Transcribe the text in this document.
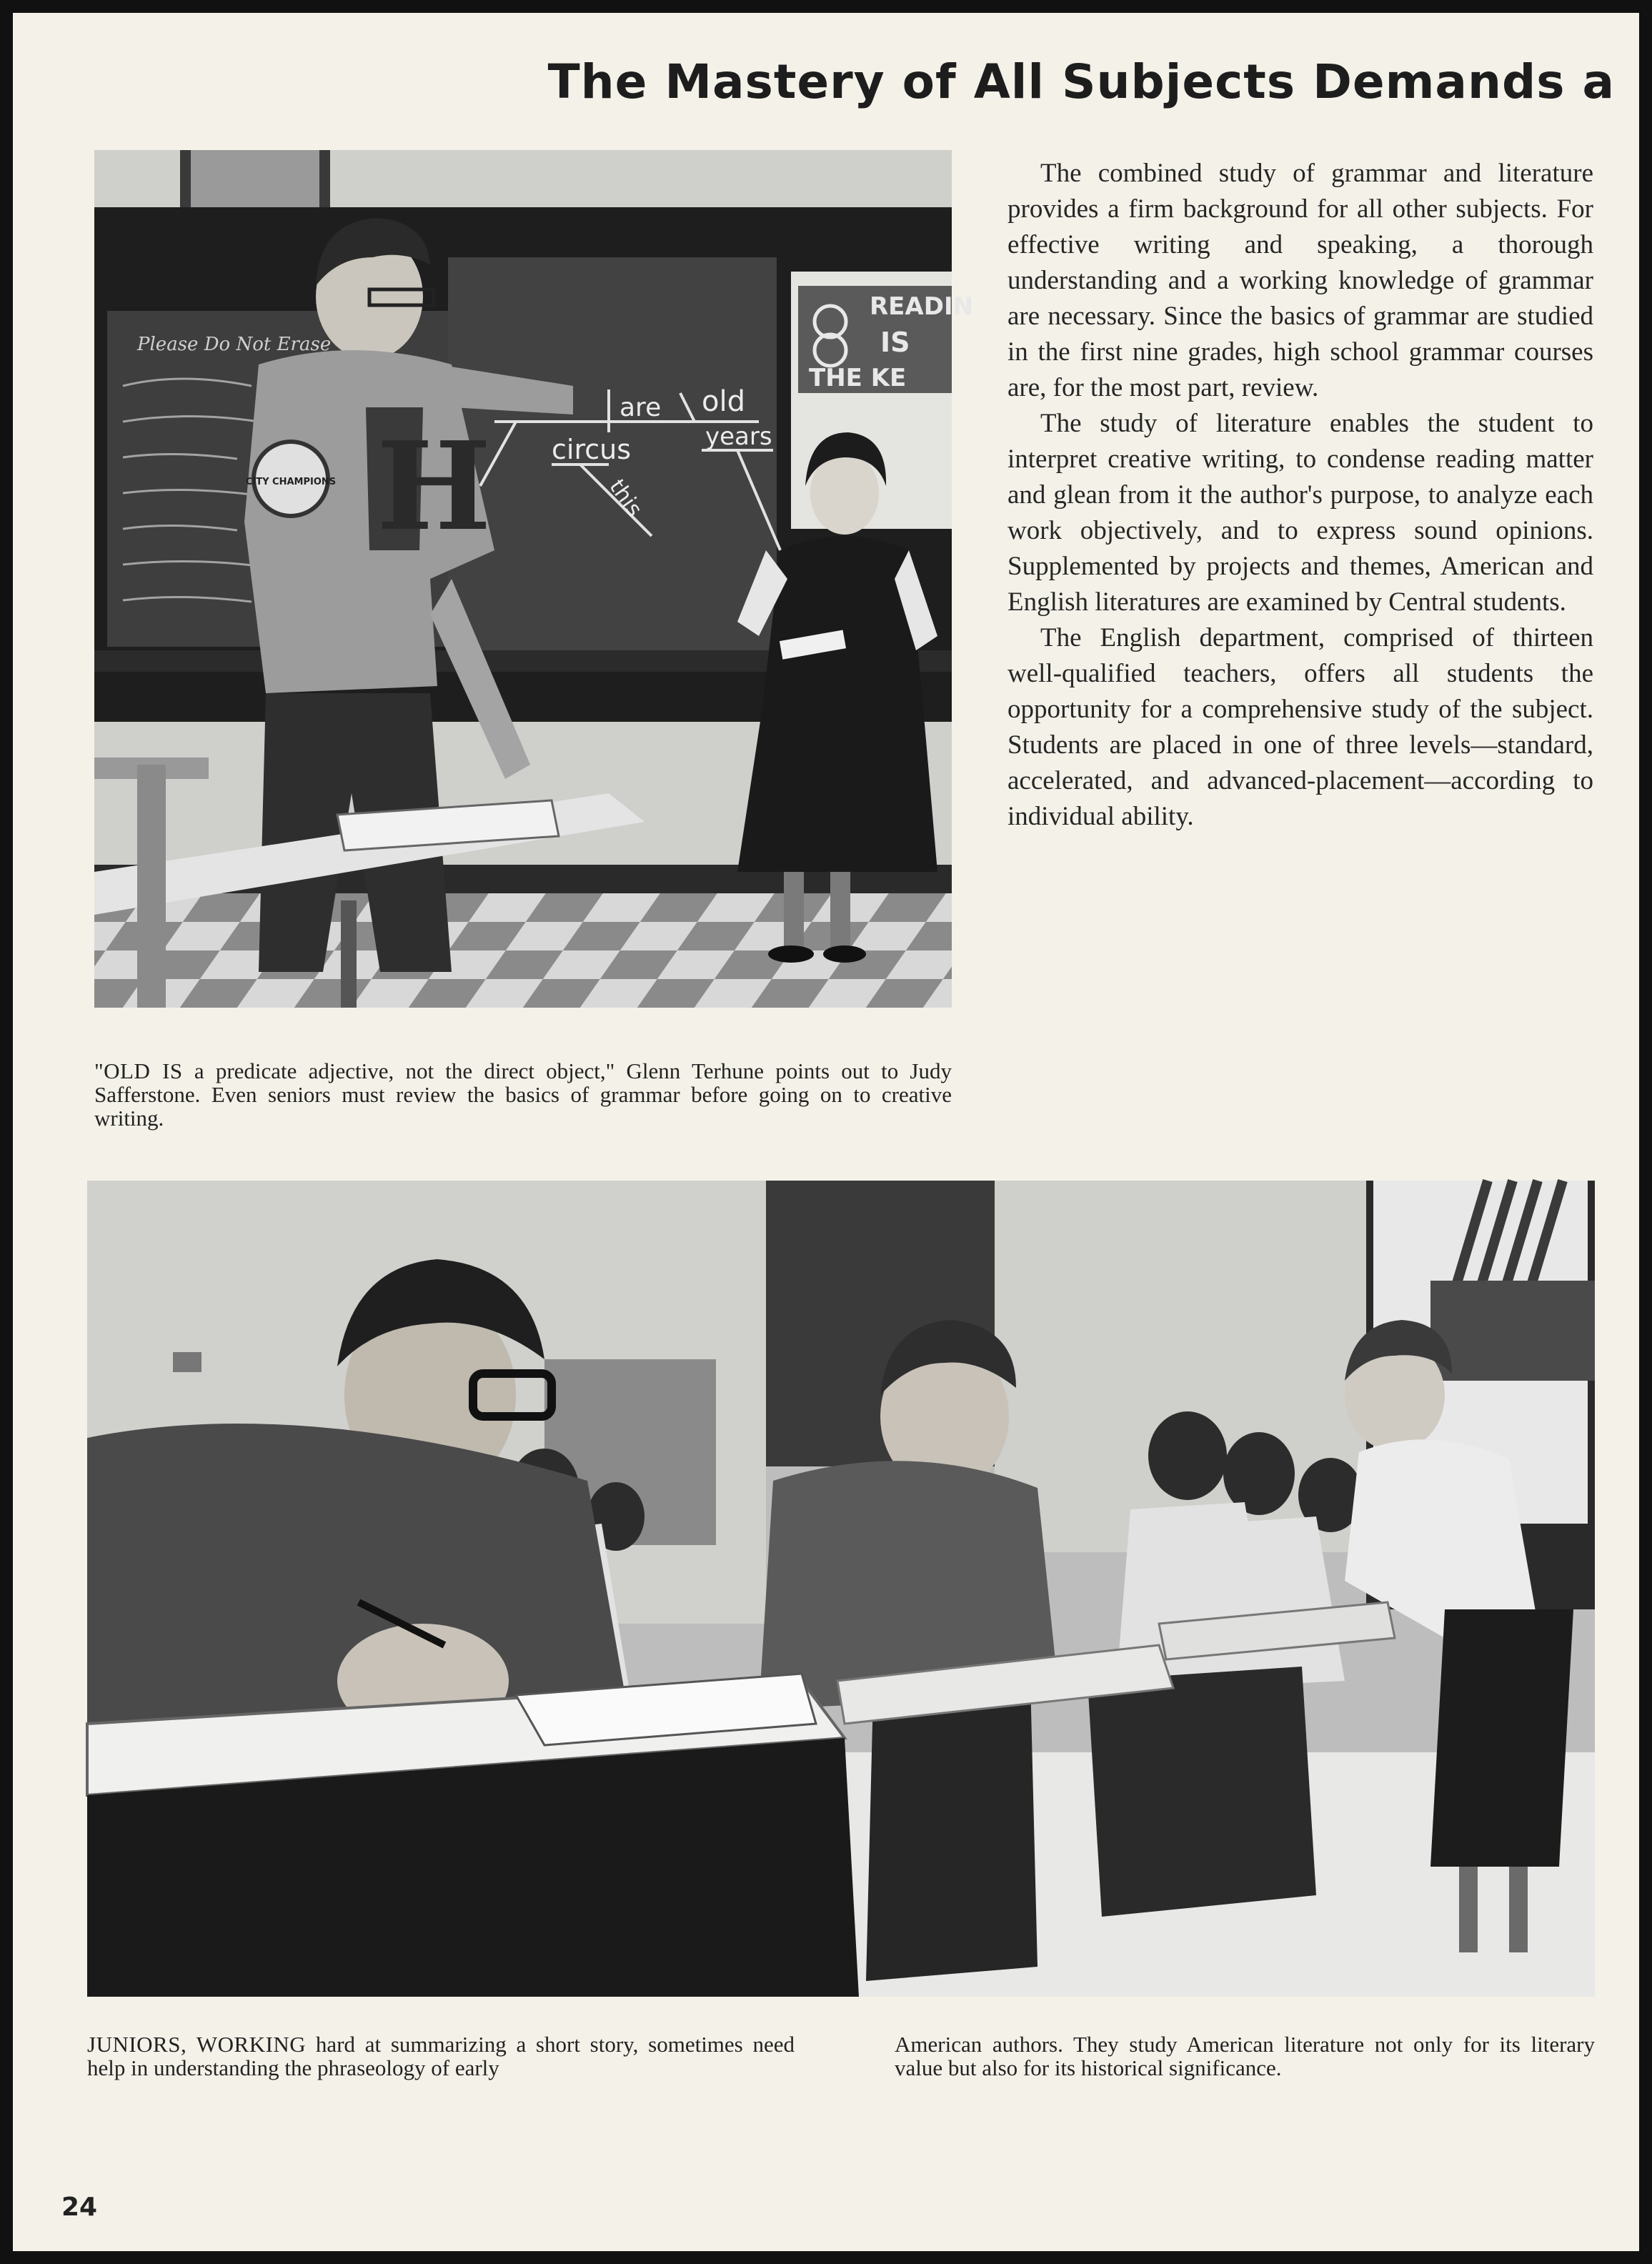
The Mastery of All Subjects Demands a
READIN
IS
THE KE
Please Do Not Erase
are old
circus	years
this
H
CITY CHAMPIONS

"OLD IS a predicate adjective, not the direct object," Glenn Terhune points out to Judy Safferstone. Even seniors must review the basics of grammar before going on to creative writing.

The combined study of grammar and literature provides a firm background for all other subjects. For effective writing and speaking, a thorough understanding and a working knowledge of grammar are necessary. Since the basics of grammar are studied in the first nine grades, high school grammar courses are, for the most part, review.

The study of literature enables the student to interpret creative writing, to condense reading matter and glean from it the author's purpose, to analyze each work objectively, and to express sound opinions. Supplemented by projects and themes, American and English literatures are examined by Central students.

The English department, comprised of thirteen well-qualified teachers, offers all students the opportunity for a comprehensive study of the subject. Students are placed in one of three levels—standard, accelerated, and advanced-placement—according to individual ability.

JUNIORS, WORKING hard at summarizing a short story, sometimes need help in understanding the phraseology of early

American authors. They study American literature not only for its literary value but also for its historical significance.

24
